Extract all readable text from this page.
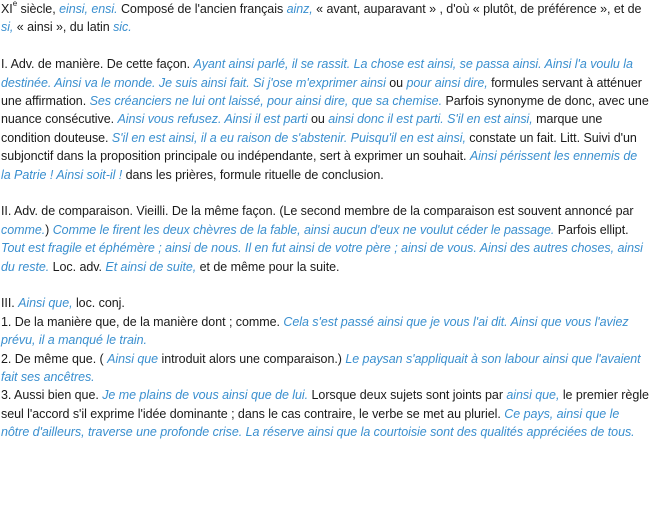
XIe siècle, einsi, ensi. Composé de l'ancien français ainz, « avant, auparavant » , d'où « plutôt, de préférence », et de si, « ainsi », du latin sic.
I. Adv. de manière. De cette façon. Ayant ainsi parlé, il se rassit. La chose est ainsi, se passa ainsi. Ainsi l'a voulu la destinée. Ainsi va le monde. Je suis ainsi fait. Si j'ose m'exprimer ainsi ou pour ainsi dire, formules servant à atténuer une affirmation. Ses créanciers ne lui ont laissé, pour ainsi dire, que sa chemise. Parfois synonyme de donc, avec une nuance consécutive. Ainsi vous refusez. Ainsi il est parti ou ainsi donc il est parti. S'il en est ainsi, marque une condition douteuse. S'il en est ainsi, il a eu raison de s'abstenir. Puisqu'il en est ainsi, constate un fait. Litt. Suivi d'un subjonctif dans la proposition principale ou indépendante, sert à exprimer un souhait. Ainsi périssent les ennemis de la Patrie ! Ainsi soit-il ! dans les prières, formule rituelle de conclusion.
II. Adv. de comparaison. Vieilli. De la même façon. (Le second membre de la comparaison est souvent annoncé par comme.) Comme le firent les deux chèvres de la fable, ainsi aucun d'eux ne voulut céder le passage. Parfois ellipt. Tout est fragile et éphémère ; ainsi de nous. Il en fut ainsi de votre père ; ainsi de vous. Ainsi des autres choses, ainsi du reste. Loc. adv. Et ainsi de suite, et de même pour la suite.
III. Ainsi que, loc. conj.
1. De la manière que, de la manière dont ; comme. Cela s'est passé ainsi que je vous l'ai dit. Ainsi que vous l'aviez prévu, il a manqué le train.
2. De même que. ( Ainsi que introduit alors une comparaison.) Le paysan s'appliquait à son labour ainsi que l'avaient fait ses ancêtres.
3. Aussi bien que. Je me plains de vous ainsi que de lui. Lorsque deux sujets sont joints par ainsi que, le premier règle seul l'accord s'il exprime l'idée dominante ; dans le cas contraire, le verbe se met au pluriel. Ce pays, ainsi que le nôtre d'ailleurs, traverse une profonde crise. La réserve ainsi que la courtoisie sont des qualités appréciées de tous.
